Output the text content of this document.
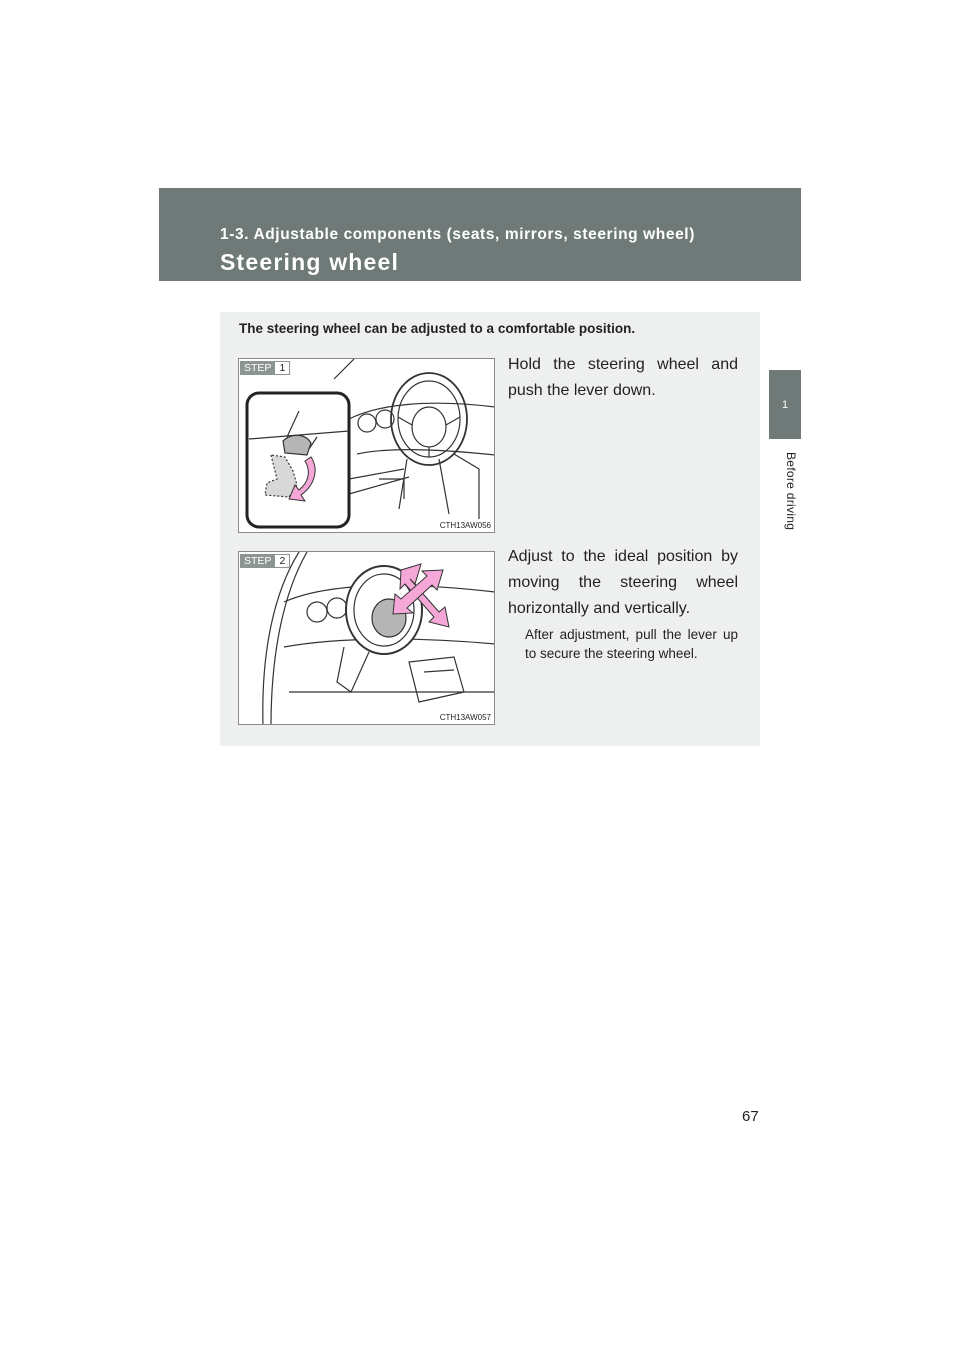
1-3. Adjustable components (seats, mirrors, steering wheel)
Steering wheel
1
Before driving
The steering wheel can be adjusted to a comfortable position.
STEP 1
CTH13AW056
Hold the steering wheel and push the lever down.
STEP 2
CTH13AW057
Adjust to the ideal position by moving the steering wheel horizontally and vertically.
After adjustment, pull the lever up to secure the steering wheel.
67
